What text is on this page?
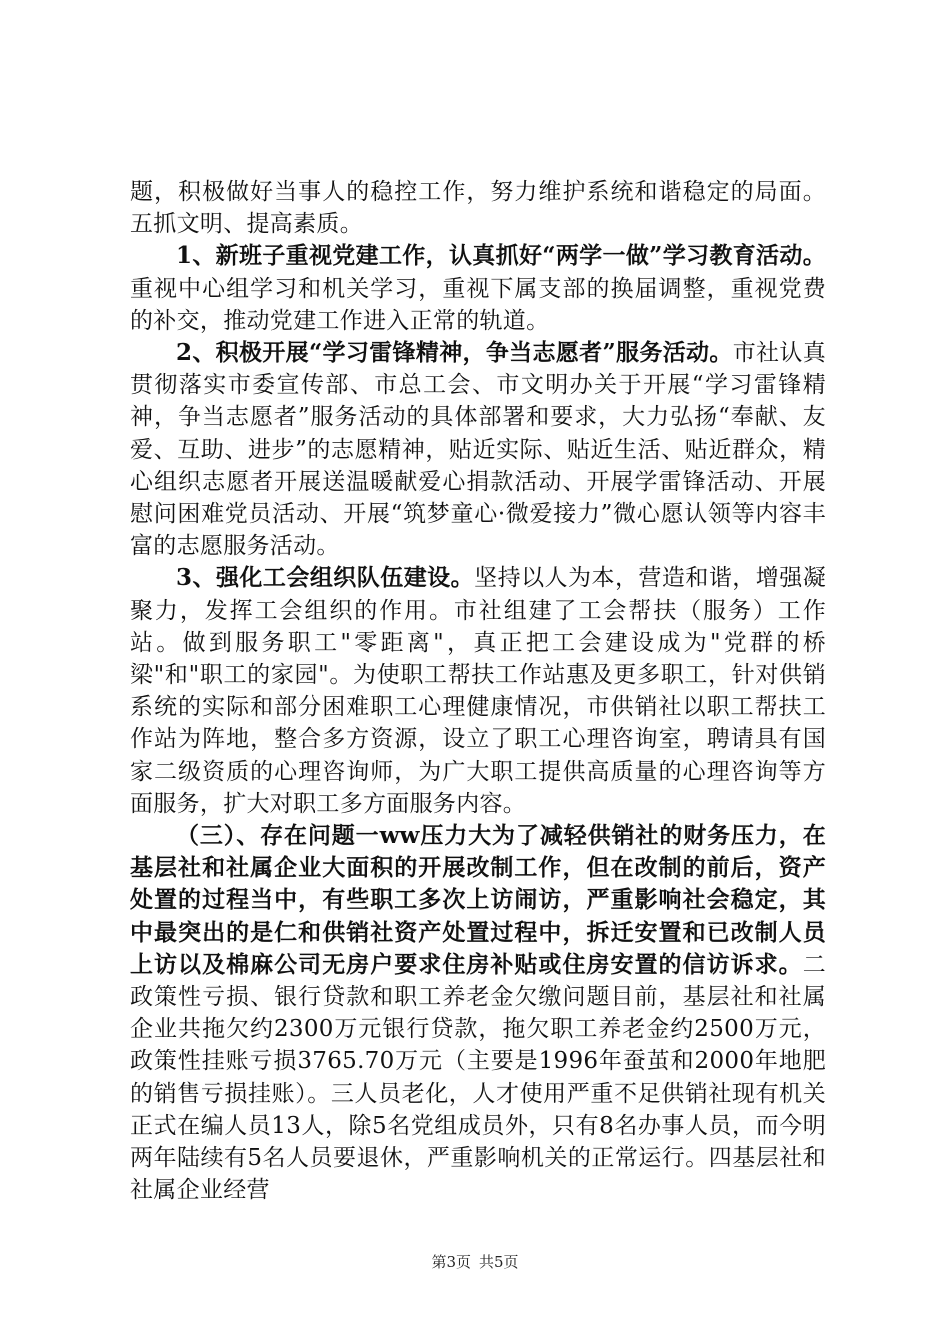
题，积极做好当事人的稳控工作，努力维护系统和谐稳定的局面。五抓文明、提高素质。

1、新班子重视党建工作，认真抓好“两学一做”学习教育活动。重视中心组学习和机关学习，重视下属支部的换届调整，重视党费的补交，推动党建工作进入正常的轨道。

2、积极开展“学习雷锋精神，争当志愿者”服务活动。市社认真贯彻落实市委宣传部、市总工会、市文明办关于开展“学习雷锋精神，争当志愿者”服务活动的具体部署和要求，大力弘扬“奉献、友爱、互助、进步”的志愿精神，贴近实际、贴近生活、贴近群众，精心组织志愿者开展送温暖献爱心捐款活动、开展学雷锋活动、开展慰问困难党员活动、开展“筑梦童心·微爱接力”微心愿认领等内容丰富的志愿服务活动。

3、强化工会组织队伍建设。坚持以人为本，营造和谐，增强凝聚力，发挥工会组织的作用。市社组建了工会帮扶（服务）工作站。做到服务职工"零距离"，真正把工会建设成为"党群的桥梁"和"职工的家园"。为使职工帮扶工作站惠及更多职工，针对供销系统的实际和部分困难职工心理健康情况，市供销社以职工帮扶工作站为阵地，整合多方资源，设立了职工心理咨询室，聘请具有国家二级资质的心理咨询师，为广大职工提供高质量的心理咨询等方面服务，扩大对职工多方面服务内容。

（三）、存在问题一ww压力大为了减轻供销社的财务压力，在基层社和社属企业大面积的开展改制工作，但在改制的前后，资产处置的过程当中，有些职工多次上访闹访，严重影响社会稳定，其中最突出的是仁和供销社资产处置过程中，拆迁安置和已改制人员上访以及棉麻公司无房户要求住房补贴或住房安置的信访诉求。二政策性亏损、银行贷款和职工养老金欠缴问题目前，基层社和社属企业共拖欠约2300万元银行贷款，拖欠职工养老金约2500万元，政策性挂账亏损3765.70万元（主要是1996年蚕茧和2000年地肥的销售亏损挂账）。三人员老化，人才使用严重不足供销社现有机关正式在编人员13人，除5名党组成员外，只有8名办事人员，而今明两年陆续有5名人员要退休，严重影响机关的正常运行。四基层社和社属企业经营

第3页 共5页
